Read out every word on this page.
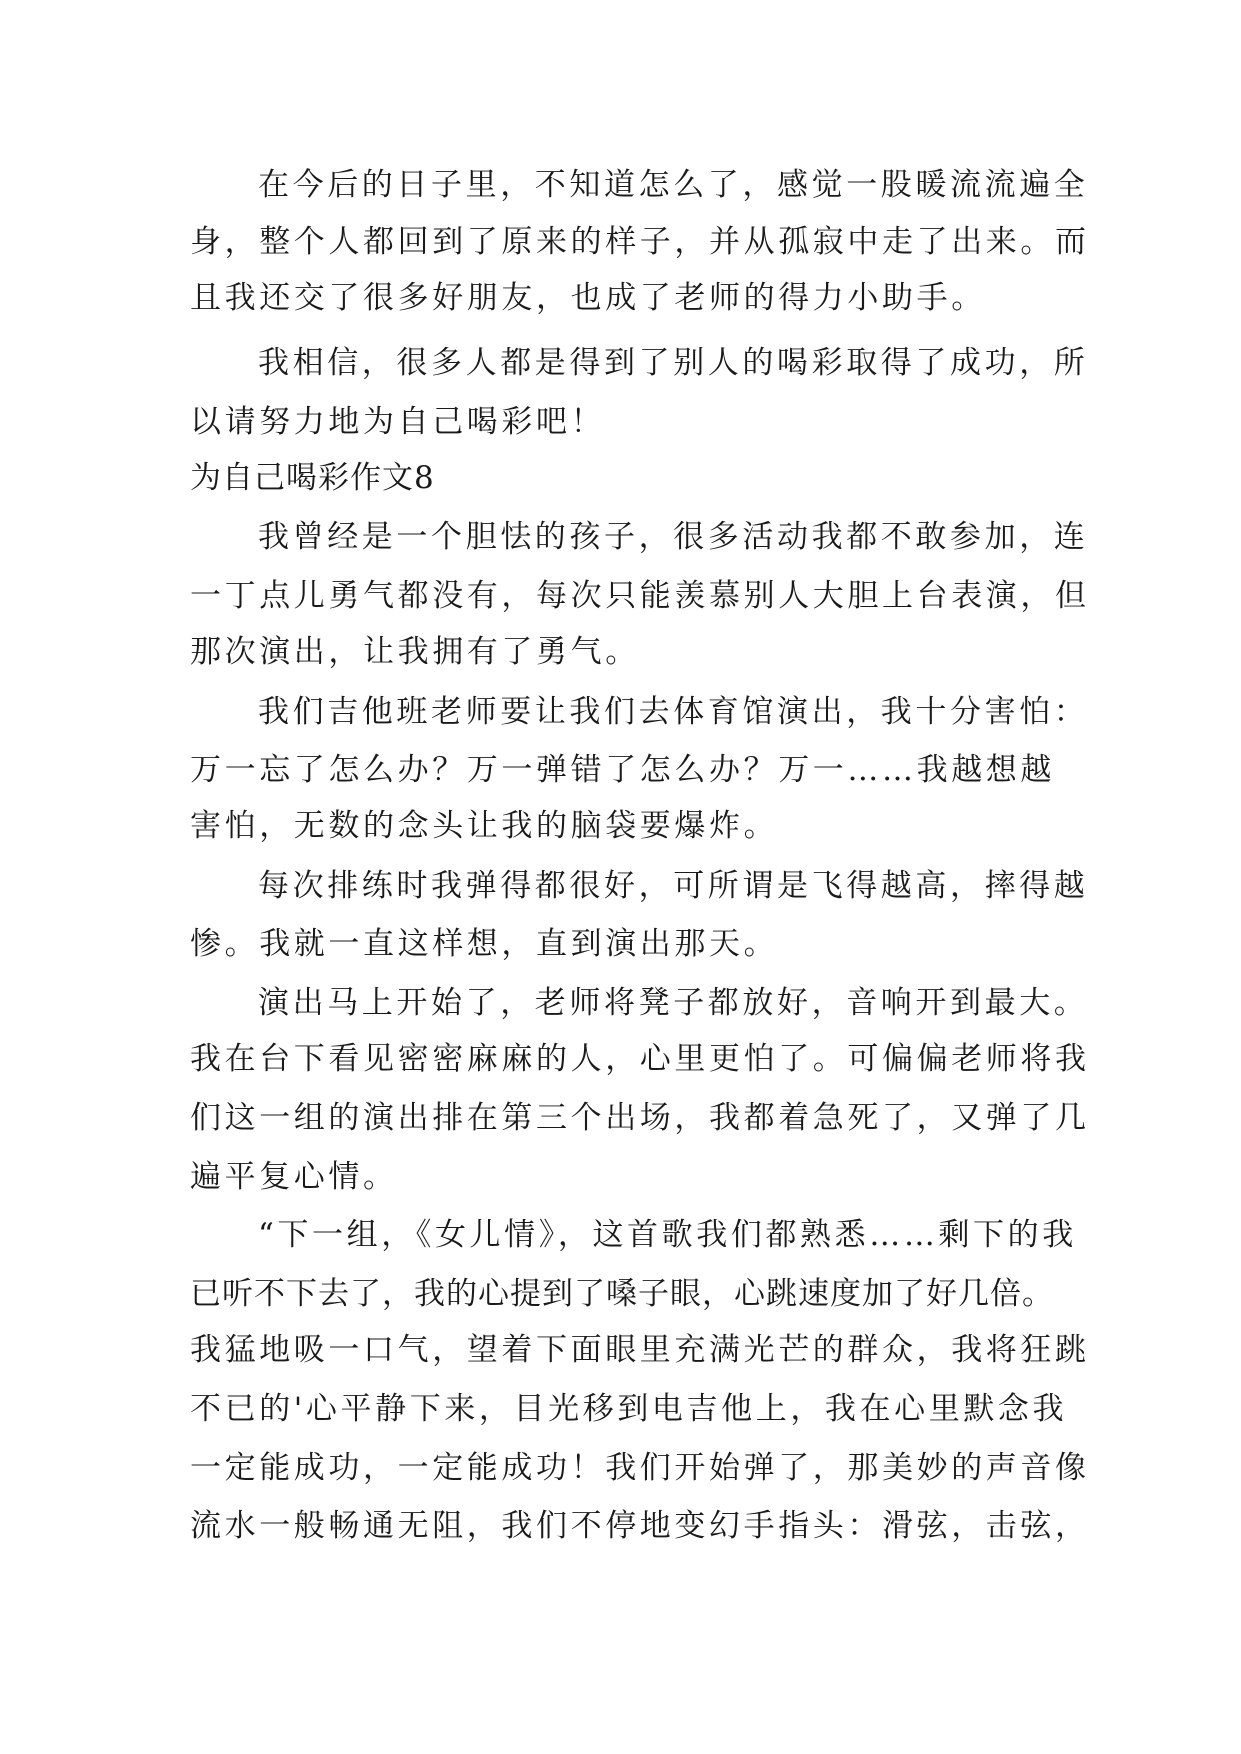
在今后的日子里，不知道怎么了，感觉一股暖流流遍全
身，整个人都回到了原来的样子，并从孤寂中走了出来。而
且我还交了很多好朋友，也成了老师的得力小助手。
我相信，很多人都是得到了别人的喝彩取得了成功，所
以请努力地为自己喝彩吧！
为自己喝彩作文8
我曾经是一个胆怯的孩子，很多活动我都不敢参加，连
一丁点儿勇气都没有，每次只能羡慕别人大胆上台表演，但
那次演出，让我拥有了勇气。
我们吉他班老师要让我们去体育馆演出，我十分害怕：
万一忘了怎么办？万一弹错了怎么办？万一……我越想越
害怕，无数的念头让我的脑袋要爆炸。
每次排练时我弹得都很好，可所谓是飞得越高，摔得越
惨。我就一直这样想，直到演出那天。
演出马上开始了，老师将凳子都放好，音响开到最大。
我在台下看见密密麻麻的人，心里更怕了。可偏偏老师将我
们这一组的演出排在第三个出场，我都着急死了，又弹了几
遍平复心情。
“下一组，《女儿情》，这首歌我们都熟悉……剩下的我
已听不下去了，我的心提到了嗓子眼，心跳速度加了好几倍。
我猛地吸一口气，望着下面眼里充满光芒的群众，我将狂跳
不已的'心平静下来，目光移到电吉他上，我在心里默念我
一定能成功，一定能成功！我们开始弹了，那美妙的声音像
流水一般畅通无阻，我们不停地变幻手指头：滑弦，击弦，
